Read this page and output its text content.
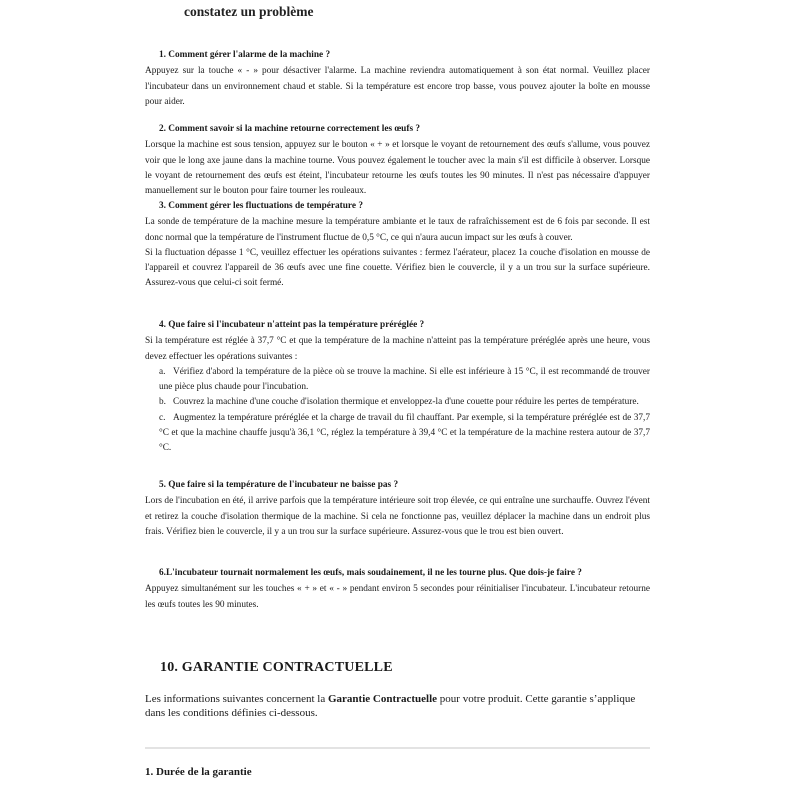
constatez un problème
1. Comment gérer l'alarme de la machine ?

Appuyez sur la touche « - » pour désactiver l'alarme. La machine reviendra automatiquement à son état normal. Veuillez placer l'incubateur dans un environnement chaud et stable. Si la température est encore trop basse, vous pouvez ajouter la boîte en mousse pour aider.

2. Comment savoir si la machine retourne correctement les œufs ?

Lorsque la machine est sous tension, appuyez sur le bouton « + » et lorsque le voyant de retournement des œufs s'allume, vous pouvez voir que le long axe jaune dans la machine tourne. Vous pouvez également le toucher avec la main s'il est difficile à observer. Lorsque le voyant de retournement des œufs est éteint, l'incubateur retourne les œufs toutes les 90 minutes. Il n'est pas nécessaire d'appuyer manuellement sur le bouton pour faire tourner les rouleaux.

3. Comment gérer les fluctuations de température ?

La sonde de température de la machine mesure la température ambiante et le taux de rafraîchissement est de 6 fois par seconde. Il est donc normal que la température de l'instrument fluctue de 0,5 °C, ce qui n'aura aucun impact sur les œufs à couver.

Si la fluctuation dépasse 1 °C, veuillez effectuer les opérations suivantes : fermez l'aérateur, placez 1a couche d'isolation en mousse de l'appareil et couvrez l'appareil de 36 œufs avec une fine couette. Vérifiez bien le couvercle, il y a un trou sur la surface supérieure. Assurez-vous que celui-ci soit fermé.

4. Que faire si l'incubateur n'atteint pas la température préréglée ?

Si la température est réglée à 37,7 °C et que la température de la machine n'atteint pas la température préréglée après une heure, vous devez effectuer les opérations suivantes :

a. Vérifiez d'abord la température de la pièce où se trouve la machine. Si elle est inférieure à 15 °C, il est recommandé de trouver une pièce plus chaude pour l'incubation.

b. Couvrez la machine d'une couche d'isolation thermique et enveloppez-la d'une couette pour réduire les pertes de température.

c. Augmentez la température préréglée et la charge de travail du fil chauffant. Par exemple, si la température préréglée est de 37,7 °C et que la machine chauffe jusqu'à 36,1 °C, réglez la température à 39,4 °C et la température de la machine restera autour de 37,7 °C.

5. Que faire si la température de l'incubateur ne baisse pas ?

Lors de l'incubation en été, il arrive parfois que la température intérieure soit trop élevée, ce qui entraîne une surchauffe. Ouvrez l'évent et retirez la couche d'isolation thermique de la machine. Si cela ne fonctionne pas, veuillez déplacer la machine dans un endroit plus frais. Vérifiez bien le couvercle, il y a un trou sur la surface supérieure. Assurez-vous que le trou est bien ouvert.

6.L'incubateur tournait normalement les œufs, mais soudainement, il ne les tourne plus. Que dois-je faire ?

Appuyez simultanément sur les touches « + » et « - » pendant environ 5 secondes pour réinitialiser l'incubateur. L'incubateur retourne les œufs toutes les 90 minutes.

10. GARANTIE CONTRACTUELLE
Les informations suivantes concernent la Garantie Contractuelle pour votre produit. Cette garantie s’applique dans les conditions définies ci-dessous.
1. Durée de la garantie
